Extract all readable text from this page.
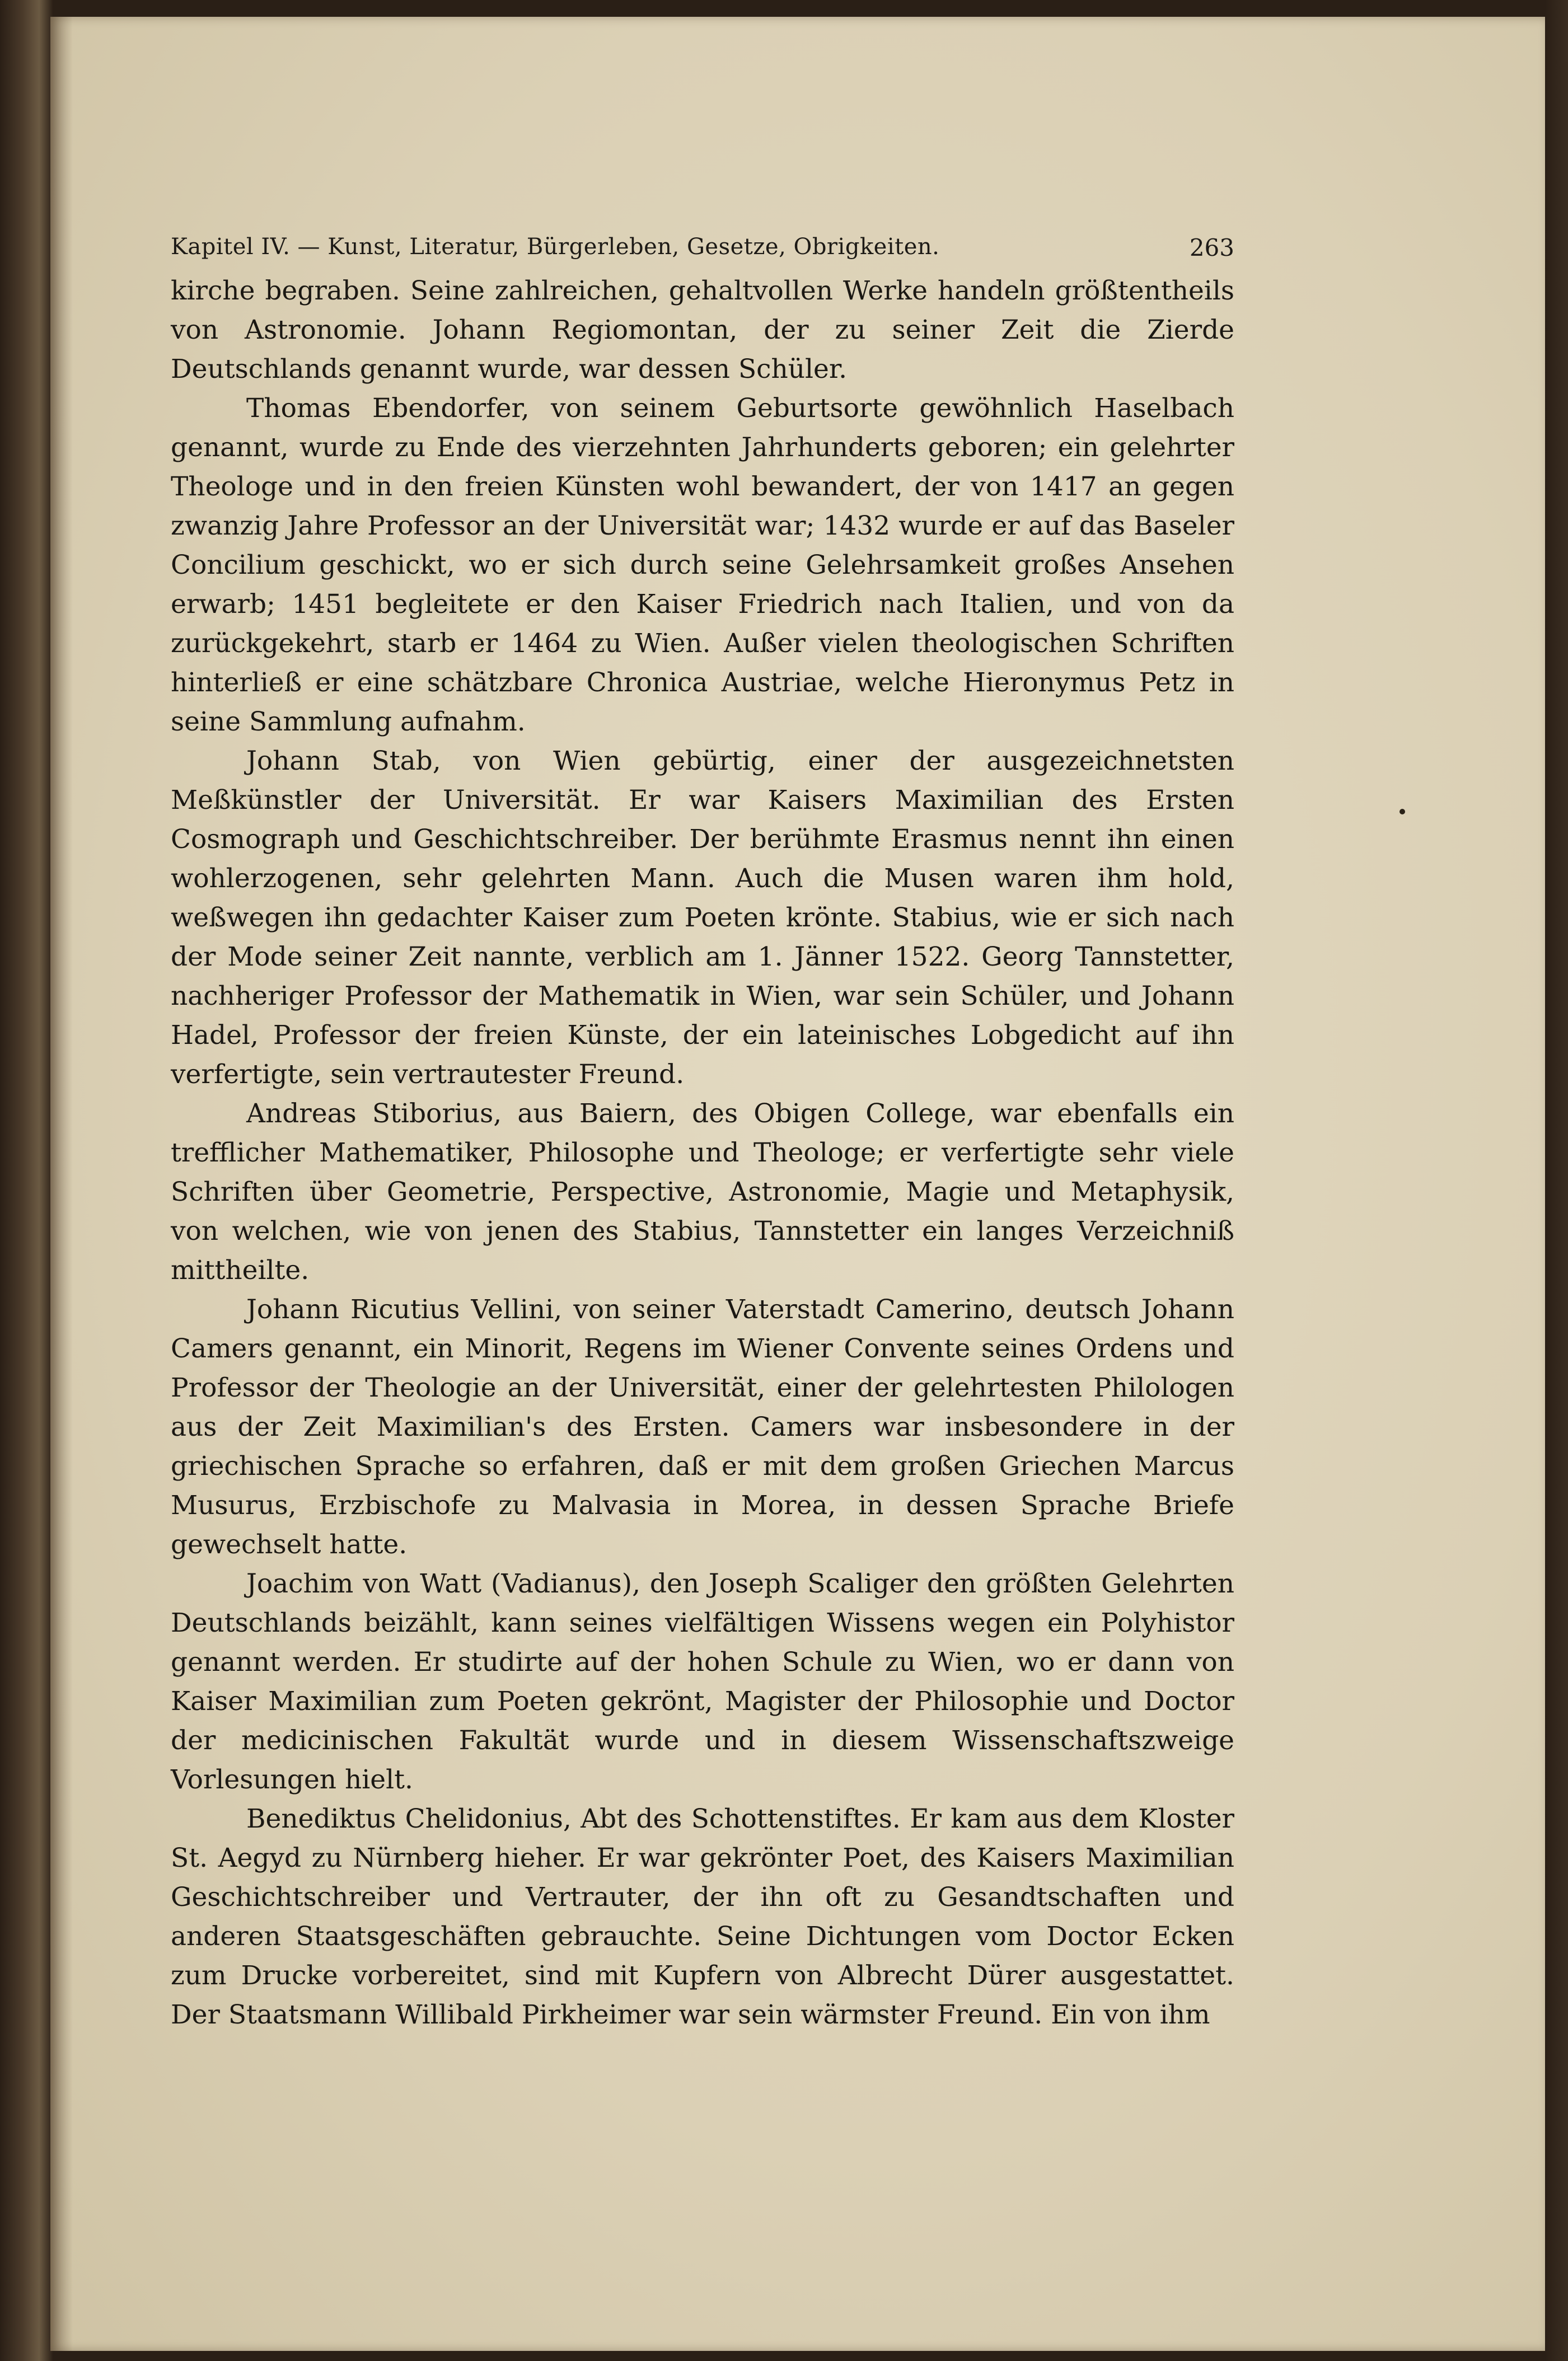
Kapitel IV. — Kunst, Literatur, Bürgerleben, Gesetze, Obrigkeiten.	263

kirche begraben. Seine zahlreichen, gehaltvollen Werke handeln größtentheils von Astronomie. Johann Regiomontan, der zu seiner Zeit die Zierde Deutschlands genannt wurde, war dessen Schüler.

Thomas Ebendorfer, von seinem Geburtsorte gewöhnlich Haselbach genannt, wurde zu Ende des vierzehnten Jahrhunderts geboren; ein gelehrter Theologe und in den freien Künsten wohl bewandert, der von 1417 an gegen zwanzig Jahre Professor an der Universität war; 1432 wurde er auf das Baseler Concilium geschickt, wo er sich durch seine Gelehrsamkeit großes Ansehen erwarb; 1451 begleitete er den Kaiser Friedrich nach Italien, und von da zurückgekehrt, starb er 1464 zu Wien. Außer vielen theologischen Schriften hinterließ er eine schätzbare Chronica Austriae, welche Hieronymus Petz in seine Sammlung aufnahm.

Johann Stab, von Wien gebürtig, einer der ausgezeichnetsten Meßkünstler der Universität. Er war Kaisers Maximilian des Ersten Cosmograph und Geschichtschreiber. Der berühmte Erasmus nennt ihn einen wohlerzogenen, sehr gelehrten Mann. Auch die Musen waren ihm hold, weßwegen ihn gedachter Kaiser zum Poeten krönte. Stabius, wie er sich nach der Mode seiner Zeit nannte, verblich am 1. Jänner 1522. Georg Tannstetter, nachheriger Professor der Mathematik in Wien, war sein Schüler, und Johann Hadel, Professor der freien Künste, der ein lateinisches Lobgedicht auf ihn verfertigte, sein vertrautester Freund.

Andreas Stiborius, aus Baiern, des Obigen College, war ebenfalls ein trefflicher Mathematiker, Philosophe und Theologe; er verfertigte sehr viele Schriften über Geometrie, Perspective, Astronomie, Magie und Metaphysik, von welchen, wie von jenen des Stabius, Tannstetter ein langes Verzeichniß mittheilte.

Johann Ricutius Vellini, von seiner Vaterstadt Camerino, deutsch Johann Camers genannt, ein Minorit, Regens im Wiener Convente seines Ordens und Professor der Theologie an der Universität, einer der gelehrtesten Philologen aus der Zeit Maximilian's des Ersten. Camers war insbesondere in der griechischen Sprache so erfahren, daß er mit dem großen Griechen Marcus Musurus, Erzbischofe zu Malvasia in Morea, in dessen Sprache Briefe gewechselt hatte.

Joachim von Watt (Vadianus), den Joseph Scaliger den größten Gelehrten Deutschlands beizählt, kann seines vielfältigen Wissens wegen ein Polyhistor genannt werden. Er studirte auf der hohen Schule zu Wien, wo er dann von Kaiser Maximilian zum Poeten gekrönt, Magister der Philosophie und Doctor der medicinischen Fakultät wurde und in diesem Wissenschaftszweige Vorlesungen hielt.

Benediktus Chelidonius, Abt des Schottenstiftes. Er kam aus dem Kloster St. Aegyd zu Nürnberg hieher. Er war gekrönter Poet, des Kaisers Maximilian Geschichtschreiber und Vertrauter, der ihn oft zu Gesandtschaften und anderen Staatsgeschäften gebrauchte. Seine Dichtungen vom Doctor Ecken zum Drucke vorbereitet, sind mit Kupfern von Albrecht Dürer ausgestattet. Der Staatsmann Willibald Pirkheimer war sein wärmster Freund. Ein von ihm
